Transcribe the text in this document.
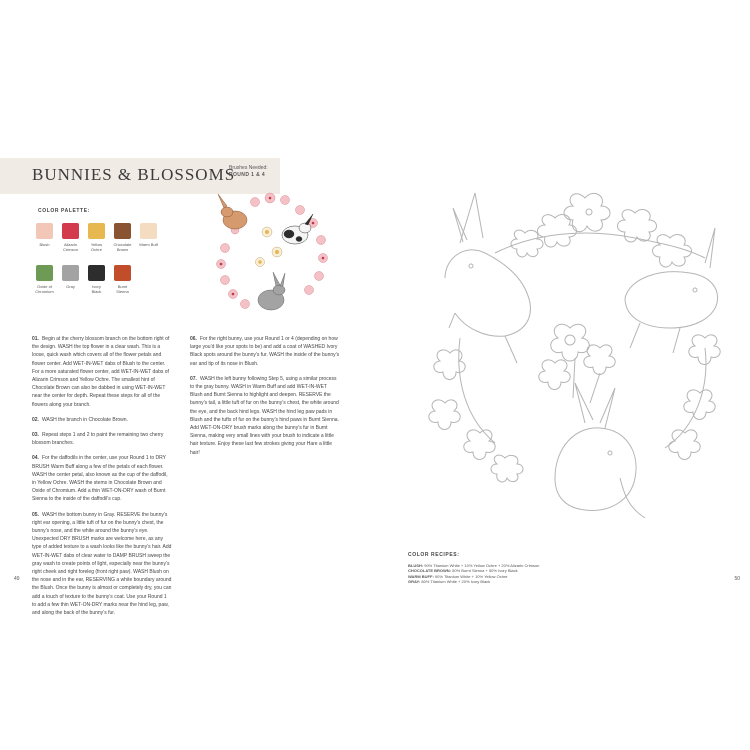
BUNNIES & BLOSSOMS
Brushes Needed:
ROUND 1 & 4
COLOR PALETTE:
Blush	Alizarin Crimson
Yellow Ochre
Chocolate Brown
Warm Buff
Oxide of Chromium
Gray	Ivory Black
Burnt Sienna

01. Begin at the cherry blossom branch on the bottom right of the design. WASH the top flower in a clear wash. This is a loose, quick wash which covers all of the flower petals and flower center. Add WET-IN-WET dabs of Blush to the center. For a more saturated flower center, add WET-IN-WET dabs of Alizarin Crimson and Yellow Ochre. The smallest hint of Chocolate Brown can also be dabbed in using WET-IN-WET near the center for depth. Repeat these steps for all of the flowers along your branch.

02. WASH the branch in Chocolate Brown.

03. Repeat steps 1 and 2 to paint the remaining two cherry blossom branches.

04. For the daffodils in the center, use your Round 1 to DRY BRUSH Warm Buff along a few of the petals of each flower. WASH the center petal, also known as the cup of the daffodil, in Yellow Ochre. WASH the stems in Chocolate Brown and Oxide of Chromium. Add a thin WET-ON-DRY wash of Burnt Sienna to the inside of the daffodil’s cup.

05. WASH the bottom bunny in Gray. RESERVE the bunny’s right ear opening, a little tuft of fur on the bunny’s chest, the bunny’s nose, and the white around the bunny’s eye. Unexpected DRY BRUSH marks are welcome here, as any type of added texture to a wash looks like the bunny’s hair. Add WET-IN-WET dabs of clear water to DAMP BRUSH sweep the gray wash to create points of light, especially near the bunny’s right cheek and right foreleg (front right paw). WASH Blush on the nose and in the ear, RESERVING a white boundary around the Blush. Once the bunny is almost or completely dry, you can add a touch of texture to the bunny’s coat. Use your Round 1 to add a few thin WET-ON-DRY marks near the hind leg, paw, and along the back of the bunny’s fur.

06. For the right bunny, use your Round 1 or 4 (depending on how large you’d like your spots to be) and add a coat of WASHED Ivory Black spots around the bunny’s fur. WASH the inside of the bunny’s ear and tip of its nose in Blush.

07. WASH the left bunny following Step 5, using a similar process to the gray bunny. WASH in Warm Buff and add WET-IN-WET Blush and Burnt Sienna to highlight and deepen. RESERVE the bunny’s tail, a little tuft of fur on the bunny’s chest, the white around the eye, and the back hind legs. WASH the hind leg paw pads in Blush and the tufts of fur on the bunny’s hind paws in Burnt Sienna. Add WET-ON-DRY brush marks along the bunny’s fur in Burnt Sienna, making very small lines with your brush to indicate a little hair texture. Enjoy these last few strokes giving your Hare a little hair!

49
COLOR RECIPES:
BLUSH: 90% Titanium White + 10% Yellow Ochre + 20% Alizarin Crimson
CHOCOLATE BROWN: 50% Burnt Sienna + 50% Ivory Black
WARM BUFF: 90% Titanium White + 10% Yellow Ochre
GRAY: 80% Titanium White + 20% Ivory Black	50
